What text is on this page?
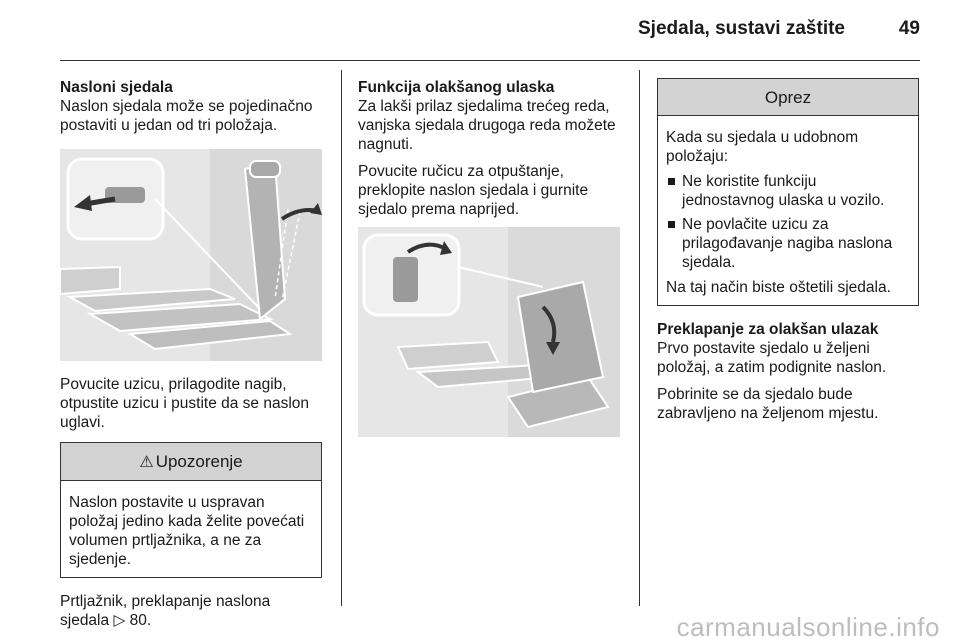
Sjedala, sustavi zaštite	49

Nasloni sjedala

Naslon sjedala može se pojedinačno postaviti u jedan od tri položaja.

Povucite uzicu, prilagodite nagib, otpustite uzicu i pustite da se naslon uglavi.

⚠ Upozorenje

Naslon postavite u uspravan položaj jedino kada želite povećati volumen prtljažnika, a ne za sjedenje.

Prtljažnik, preklapanje naslona sjedala ▷ 80.

Funkcija olakšanog ulaska

Za lakši prilaz sjedalima trećeg reda, vanjska sjedala drugoga reda možete nagnuti.

Povucite ručicu za otpuštanje, preklopite naslon sjedala i gurnite sjedalo prema naprijed.

Oprez

Kada su sjedala u udobnom položaju:

Ne koristite funkciju jednostavnog ulaska u vozilo.
Ne povlačite uzicu za prilagođavanje nagiba naslona sjedala.

Na taj način biste oštetili sjedala.

Preklapanje za olakšan ulazak

Prvo postavite sjedalo u željeni položaj, a zatim podignite naslon.

Pobrinite se da sjedalo bude zabravljeno na željenom mjestu.

carmanualsonline.info
